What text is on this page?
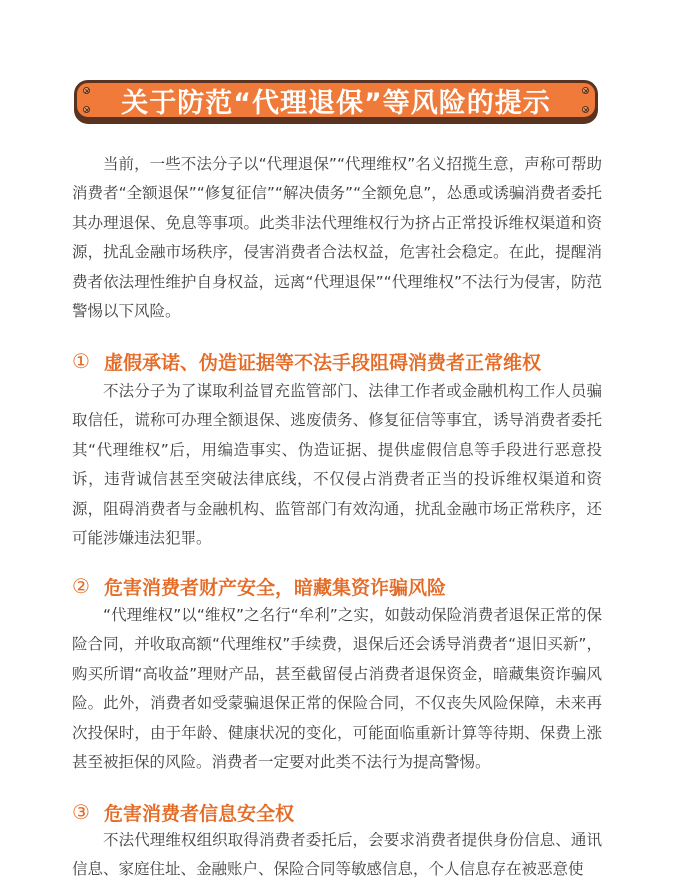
关于防范“代理退保”等风险的提示

当前，一些不法分子以“代理退保”“代理维权”名义招揽生意，声称可帮助消费者“全额退保”“修复征信”“解决债务”“全额免息”，怂恿或诱骗消费者委托其办理退保、免息等事项。此类非法代理维权行为挤占正常投诉维权渠道和资源，扰乱金融市场秩序，侵害消费者合法权益，危害社会稳定。在此，提醒消费者依法理性维护自身权益，远离“代理退保”“代理维权”不法行为侵害，防范警惕以下风险。

① 虚假承诺、伪造证据等不法手段阻碍消费者正常维权

不法分子为了谋取利益冒充监管部门、法律工作者或金融机构工作人员骗取信任，谎称可办理全额退保、逃废债务、修复征信等事宜，诱导消费者委托其“代理维权”后，用编造事实、伪造证据、提供虚假信息等手段进行恶意投诉，违背诚信甚至突破法律底线，不仅侵占消费者正当的投诉维权渠道和资源，阻碍消费者与金融机构、监管部门有效沟通，扰乱金融市场正常秩序，还可能涉嫌违法犯罪。

② 危害消费者财产安全，暗藏集资诈骗风险

“代理维权”以“维权”之名行“牟利”之实，如鼓动保险消费者退保正常的保险合同，并收取高额“代理维权”手续费，退保后还会诱导消费者“退旧买新”，购买所谓“高收益”理财产品，甚至截留侵占消费者退保资金，暗藏集资诈骗风险。此外，消费者如受蒙骗退保正常的保险合同，不仅丧失风险保障，未来再次投保时，由于年龄、健康状况的变化，可能面临重新计算等待期、保费上涨甚至被拒保的风险。消费者一定要对此类不法行为提高警惕。

③ 危害消费者信息安全权

不法代理维权组织取得消费者委托后，会要求消费者提供身份信息、通讯信息、家庭住址、金融账户、保险合同等敏感信息，个人信息存在被恶意使
